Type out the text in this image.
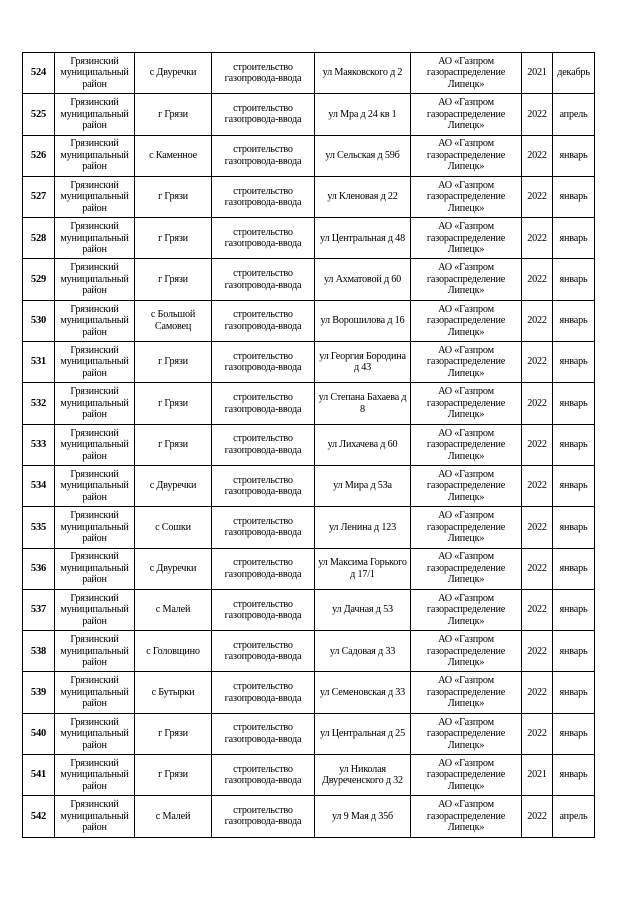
524	Грязинский муниципальный район	с Двуречки	строительство газопровода-ввода	ул Маяковского д 2	АО «Газпром газораспределение Липецк»	2021	декабрь
525	Грязинский муниципальный район	г Грязи	строительство газопровода-ввода	ул Мра д 24 кв 1	АО «Газпром газораспределение Липецк»	2022	апрель
526	Грязинский муниципальный район	с Каменное	строительство газопровода-ввода	ул Сельская д 59б	АО «Газпром газораспределение Липецк»	2022	январь
527	Грязинский муниципальный район	г Грязи	строительство газопровода-ввода	ул Кленовая д 22	АО «Газпром газораспределение Липецк»	2022	январь
528	Грязинский муниципальный район	г Грязи	строительство газопровода-ввода	ул Центральная д 48	АО «Газпром газораспределение Липецк»	2022	январь
529	Грязинский муниципальный район	г Грязи	строительство газопровода-ввода	ул Ахматовой д 60	АО «Газпром газораспределение Липецк»	2022	январь
530	Грязинский муниципальный район	с Большой Самовец	строительство газопровода-ввода	ул Ворошилова д 16	АО «Газпром газораспределение Липецк»	2022	январь
531	Грязинский муниципальный район	г Грязи	строительство газопровода-ввода	ул Георгия Бородина д 43	АО «Газпром газораспределение Липецк»	2022	январь
532	Грязинский муниципальный район	г Грязи	строительство газопровода-ввода	ул Степана Бахаева д 8	АО «Газпром газораспределение Липецк»	2022	январь
533	Грязинский муниципальный район	г Грязи	строительство газопровода-ввода	ул Лихачева д 60	АО «Газпром газораспределение Липецк»	2022	январь
534	Грязинский муниципальный район	с Двуречки	строительство газопровода-ввода	ул Мира д 53а	АО «Газпром газораспределение Липецк»	2022	январь
535	Грязинский муниципальный район	с Сошки	строительство газопровода-ввода	ул Ленина д 123	АО «Газпром газораспределение Липецк»	2022	январь
536	Грязинский муниципальный район	с Двуречки	строительство газопровода-ввода	ул Максима Горького д 17/1	АО «Газпром газораспределение Липецк»	2022	январь
537	Грязинский муниципальный район	с Малей	строительство газопровода-ввода	ул Дачная д 53	АО «Газпром газораспределение Липецк»	2022	январь
538	Грязинский муниципальный район	с Головщино	строительство газопровода-ввода	ул Садовая д 33	АО «Газпром газораспределение Липецк»	2022	январь
539	Грязинский муниципальный район	с Бутырки	строительство газопровода-ввода	ул Семеновская д 33	АО «Газпром газораспределение Липецк»	2022	январь
540	Грязинский муниципальный район	г Грязи	строительство газопровода-ввода	ул Центральная д 25	АО «Газпром газораспределение Липецк»	2022	январь
541	Грязинский муниципальный район	г Грязи	строительство газопровода-ввода	ул Николая Двуреченского д 32	АО «Газпром газораспределение Липецк»	2021	январь
542	Грязинский муниципальный район	с Малей	строительство газопровода-ввода	ул 9 Мая д 35б	АО «Газпром газораспределение Липецк»	2022	апрель
